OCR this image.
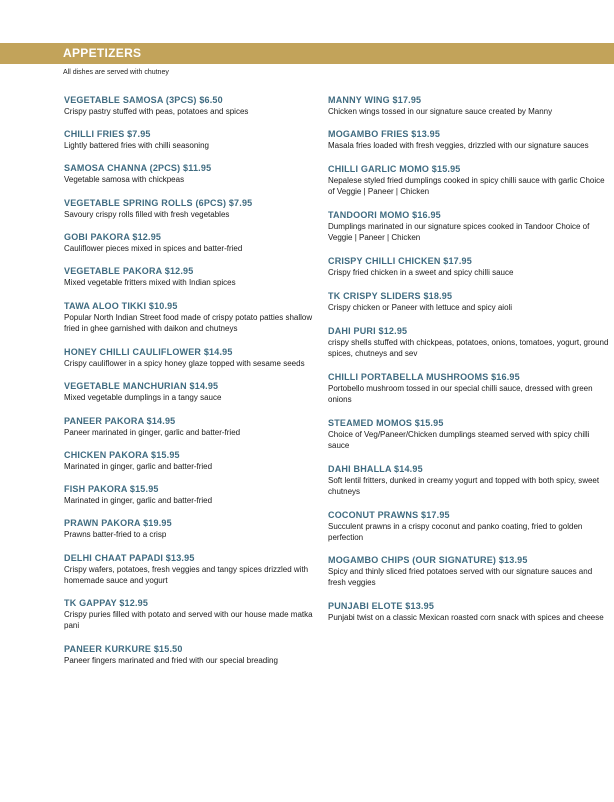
APPETIZERS
All dishes are served with chutney
VEGETABLE SAMOSA (3PCS) $6.50
Crispy pastry stuffed with peas, potatoes and spices
CHILLI FRIES $7.95
Lightly battered fries with chilli seasoning
SAMOSA CHANNA (2PCS) $11.95
Vegetable samosa with chickpeas
VEGETABLE SPRING ROLLS (6PCS) $7.95
Savoury crispy rolls filled with fresh vegetables
GOBI PAKORA $12.95
Cauliflower pieces mixed in spices and batter-fried
VEGETABLE PAKORA $12.95
Mixed vegetable fritters mixed with Indian spices
TAWA ALOO TIKKI $10.95
Popular North Indian Street food made of crispy potato patties shallow fried in ghee garnished with daikon and chutneys
HONEY CHILLI CAULIFLOWER $14.95
Crispy cauliflower in a spicy honey glaze topped with sesame seeds
VEGETABLE MANCHURIAN $14.95
Mixed vegetable dumplings in a tangy sauce
PANEER PAKORA $14.95
Paneer marinated in ginger, garlic and batter-fried
CHICKEN PAKORA $15.95
Marinated in ginger, garlic and batter-fried
FISH PAKORA $15.95
Marinated in ginger, garlic and batter-fried
PRAWN PAKORA $19.95
Prawns batter-fried to a crisp
DELHI CHAAT PAPADI $13.95
Crispy wafers, potatoes, fresh veggies and tangy spices drizzled with homemade sauce and yogurt
TK GAPPAY $12.95
Crispy puries filled with potato and served with our house made matka pani
PANEER KURKURE $15.50
Paneer fingers marinated and fried with our special breading
MANNY WING $17.95
Chicken wings tossed in our signature sauce created by Manny
MOGAMBO FRIES $13.95
Masala fries loaded with fresh veggies, drizzled with our signature sauces
CHILLI GARLIC MOMO $15.95
Nepalese styled fried dumplings cooked in spicy chilli sauce with garlic Choice of Veggie | Paneer | Chicken
TANDOORI MOMO $16.95
Dumplings marinated in our signature spices cooked in Tandoor Choice of Veggie | Paneer | Chicken
CRISPY CHILLI CHICKEN $17.95
Crispy fried chicken in a sweet and spicy chilli sauce
TK CRISPY SLIDERS $18.95
Crispy chicken or Paneer with lettuce and spicy aioli
DAHI PURI $12.95
crispy shells stuffed with chickpeas, potatoes, onions, tomatoes, yogurt, ground spices, chutneys and sev
CHILLI PORTABELLA MUSHROOMS $16.95
Portobello mushroom tossed in our special chilli sauce, dressed with green onions
STEAMED MOMOS $15.95
Choice of Veg/Paneer/Chicken dumplings steamed served with spicy chilli sauce
DAHI BHALLA $14.95
Soft lentil fritters, dunked in creamy yogurt and topped with both spicy, sweet chutneys
COCONUT PRAWNS $17.95
Succulent prawns in a crispy coconut and panko coating, fried to golden perfection
MOGAMBO CHIPS (OUR SIGNATURE) $13.95
Spicy and thinly sliced fried potatoes served with our signature sauces and fresh veggies
PUNJABI ELOTE $13.95
Punjabi twist on a classic Mexican roasted corn snack with spices and cheese
